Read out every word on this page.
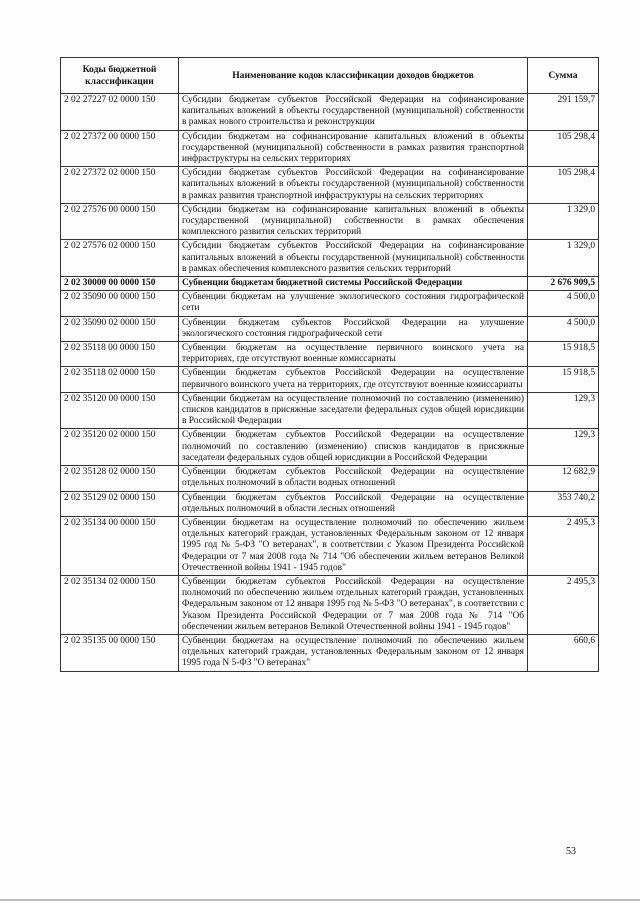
Коды бюджетной классификации	Наименование кодов классификации доходов бюджетов	Сумма
2 02 27227 02 0000 150	Субсидии бюджетам субъектов Российской Федерации на софинансирование капитальных вложений в объекты государственной (муниципальной) собственности в рамках нового строительства и реконструкции	291 159,7
2 02 27372 00 0000 150	Субсидии бюджетам на софинансирование капитальных вложений в объекты государственной (муниципальной) собственности в рамках развития транспортной инфраструктуры на сельских территориях	105 298,4
2 02 27372 02 0000 150	Субсидии бюджетам субъектов Российской Федерации на софинансирование капитальных вложений в объекты государственной (муниципальной) собственности в рамках развития транспортной инфраструктуры на сельских территориях	105 298,4
2 02 27576 00 0000 150	Субсидии бюджетам на софинансирование капитальных вложений в объекты государственной (муниципальной) собственности в рамках обеспечения комплексного развития сельских территорий	1 329,0
2 02 27576 02 0000 150	Субсидии бюджетам субъектов Российской Федерации на софинансирование капитальных вложений в объекты государственной (муниципальной) собственности в рамках обеспечения комплексного развития сельских территорий	1 329,0
2 02 30000 00 0000 150	Субвенции бюджетам бюджетной системы Российской Федерации	2 676 909,5
2 02 35090 00 0000 150	Субвенции бюджетам на улучшение экологического состояния гидрографической сети	4 500,0
2 02 35090 02 0000 150	Субвенции бюджетам субъектов Российской Федерации на улучшение экологического состояния гидрографической сети	4 500,0
2 02 35118 00 0000 150	Субвенции бюджетам на осуществление первичного воинского учета на территориях, где отсутствуют военные комиссариаты	15 918,5
2 02 35118 02 0000 150	Субвенции бюджетам субъектов Российской Федерации на осуществление первичного воинского учета на территориях, где отсутствуют военные комиссариаты	15 918,5
2 02 35120 00 0000 150	Субвенции бюджетам на осуществление полномочий по составлению (изменению) списков кандидатов в присяжные заседатели федеральных судов общей юрисдикции в Российской Федерации	129,3
2 02 35120 02 0000 150	Субвенции бюджетам субъектов Российской Федерации на осуществление полномочий по составлению (изменению) списков кандидатов в присяжные заседатели федеральных судов общей юрисдикции в Российской Федерации	129,3
2 02 35128 02 0000 150	Субвенции бюджетам субъектов Российской Федерации на осуществление отдельных полномочий в области водных отношений	12 682,9
2 02 35129 02 0000 150	Субвенции бюджетам субъектов Российской Федерации на осуществление отдельных полномочий в области лесных отношений	353 740,2
2 02 35134 00 0000 150	Субвенции бюджетам на осуществление полномочий по обеспечению жильем отдельных категорий граждан, установленных Федеральным законом от 12 января 1995 год № 5-ФЗ "О ветеранах", в соответствии с Указом Президента Российской Федерации от 7 мая 2008 года № 714 "Об обеспечении жильем ветеранов Великой Отечественной войны 1941 - 1945 годов"	2 495,3
2 02 35134 02 0000 150	Субвенции бюджетам субъектов Российской Федерации на осуществление полномочий по обеспечению жильем отдельных категорий граждан, установленных Федеральным законом от 12 января 1995 год № 5-ФЗ "О ветеранах", в соответствии с Указом Президента Российской Федерации от 7 мая 2008 года № 714 "Об обеспечении жильем ветеранов Великой Отечественной войны 1941 - 1945 годов"	2 495,3
2 02 35135 00 0000 150	Субвенции бюджетам на осуществление полномочий по обеспечению жильем отдельных категорий граждан, установленных Федеральным законом от 12 января 1995 года N 5-ФЗ "О ветеранах"	660,6
53
